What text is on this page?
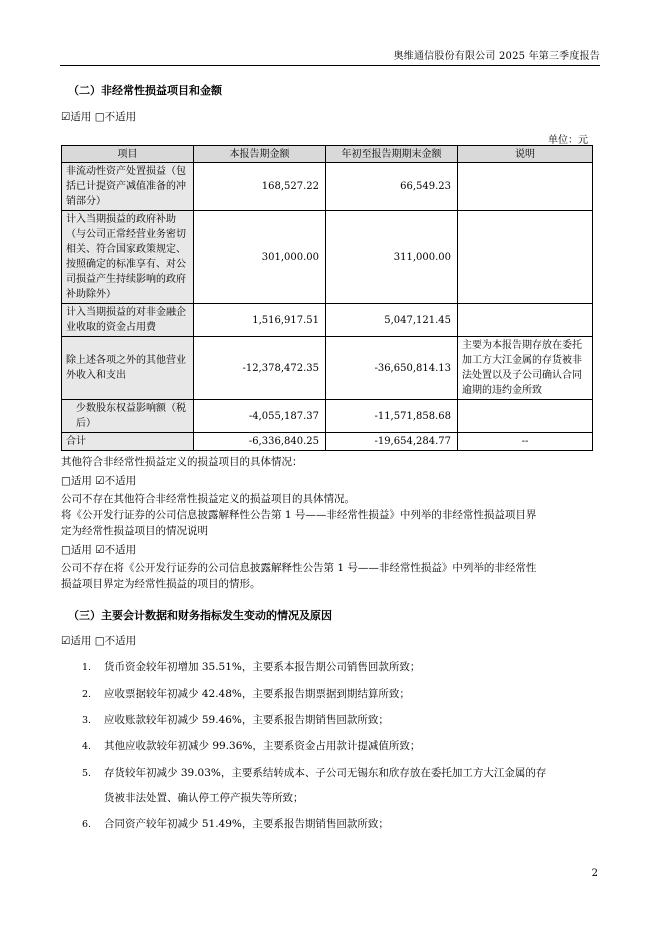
奥维通信股份有限公司 2025 年第三季度报告
（二）非经常性损益项目和金额
☑适用 □不适用
单位：元
项目	本报告期金额	年初至报告期期末金额	说明
非流动性资产处置损益（包括已计提资产减值准备的冲销部分）	168,527.22	66,549.23	
计入当期损益的政府补助（与公司正常经营业务密切相关、符合国家政策规定、按照确定的标准享有、对公司损益产生持续影响的政府补助除外）	301,000.00	311,000.00	
计入当期损益的对非金融企业收取的资金占用费	1,516,917.51	5,047,121.45	
除上述各项之外的其他营业外收入和支出	-12,378,472.35	-36,650,814.13	主要为本报告期存放在委托加工方大江金属的存货被非法处置以及子公司确认合同逾期的违约金所致
少数股东权益影响额（税后）	-4,055,187.37	-11,571,858.68	
合计	-6,336,840.25	-19,654,284.77	--
其他符合非经常性损益定义的损益项目的具体情况：
□适用 ☑不适用
公司不存在其他符合非经常性损益定义的损益项目的具体情况。
将《公开发行证券的公司信息披露解释性公告第 1 号——非经常性损益》中列举的非经常性损益项目界
定为经常性损益项目的情况说明
□适用 ☑不适用
公司不存在将《公开发行证券的公司信息披露解释性公告第 1 号——非经常性损益》中列举的非经常性
损益项目界定为经常性损益的项目的情形。
（三）主要会计数据和财务指标发生变动的情况及原因
☑适用 □不适用
1. 货币资金较年初增加 35.51%，主要系本报告期公司销售回款所致；
2. 应收票据较年初减少 42.48%，主要系报告期票据到期结算所致；
3. 应收账款较年初减少 59.46%，主要系报告期销售回款所致；
4. 其他应收款较年初减少 99.36%，主要系资金占用款计提减值所致；
5. 存货较年初减少 39.03%，主要系结转成本、子公司无锡东和欣存放在委托加工方大江金属的存
货被非法处置、确认停工停产损失等所致；
6. 合同资产较年初减少 51.49%，主要系报告期销售回款所致；
2
